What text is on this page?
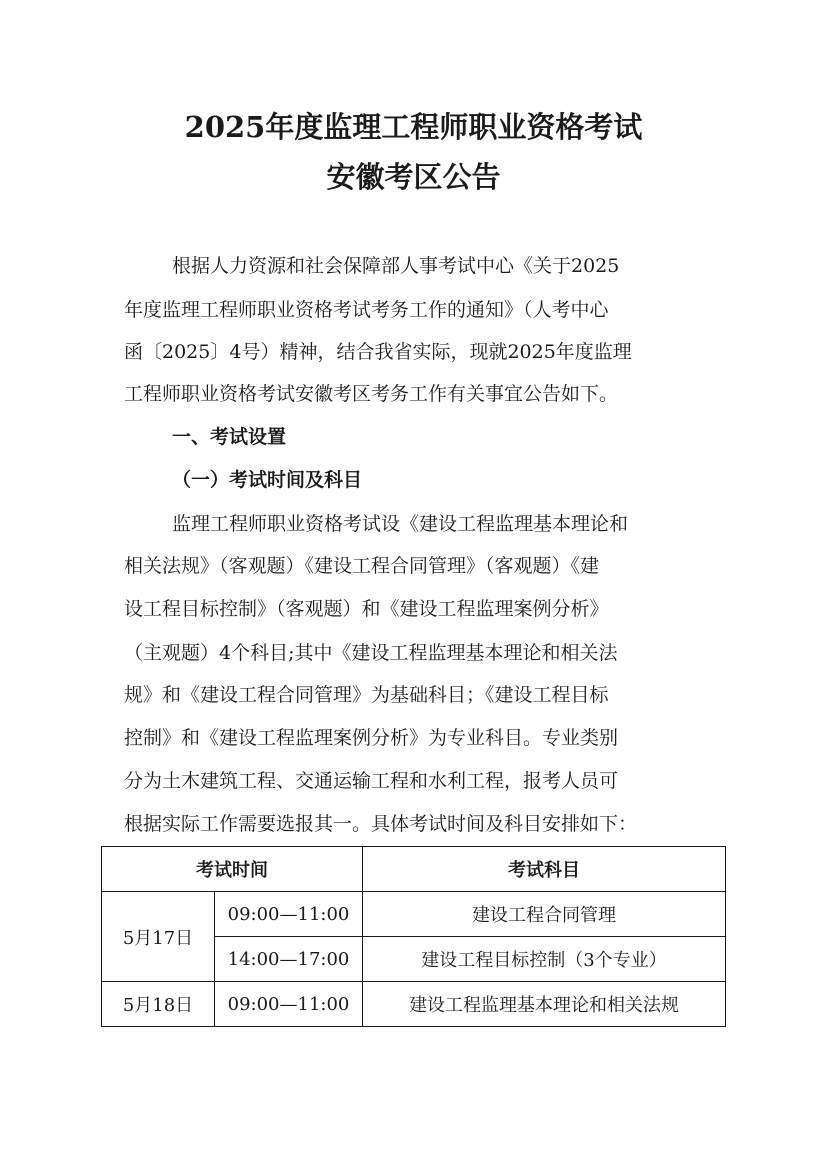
2025年度监理工程师职业资格考试
安徽考区公告
根据人力资源和社会保障部人事考试中心《关于2025
年度监理工程师职业资格考试考务工作的通知》（人考中心
函〔2025〕4号）精神，结合我省实际，现就2025年度监理
工程师职业资格考试安徽考区考务工作有关事宜公告如下。
一、考试设置
（一）考试时间及科目
监理工程师职业资格考试设《建设工程监理基本理论和
相关法规》（客观题）《建设工程合同管理》（客观题）《建
设工程目标控制》（客观题）和《建设工程监理案例分析》
（主观题）4个科目;其中《建设工程监理基本理论和相关法
规》和《建设工程合同管理》为基础科目；《建设工程目标
控制》和《建设工程监理案例分析》为专业科目。专业类别
分为土木建筑工程、交通运输工程和水利工程，报考人员可
根据实际工作需要选报其一。具体考试时间及科目安排如下：
考试时间		考试科目
5月17日	09:00—11:00	建设工程合同管理
	14:00—17:00	建设工程目标控制（3个专业）
5月18日	09:00—11:00	建设工程监理基本理论和相关法规
